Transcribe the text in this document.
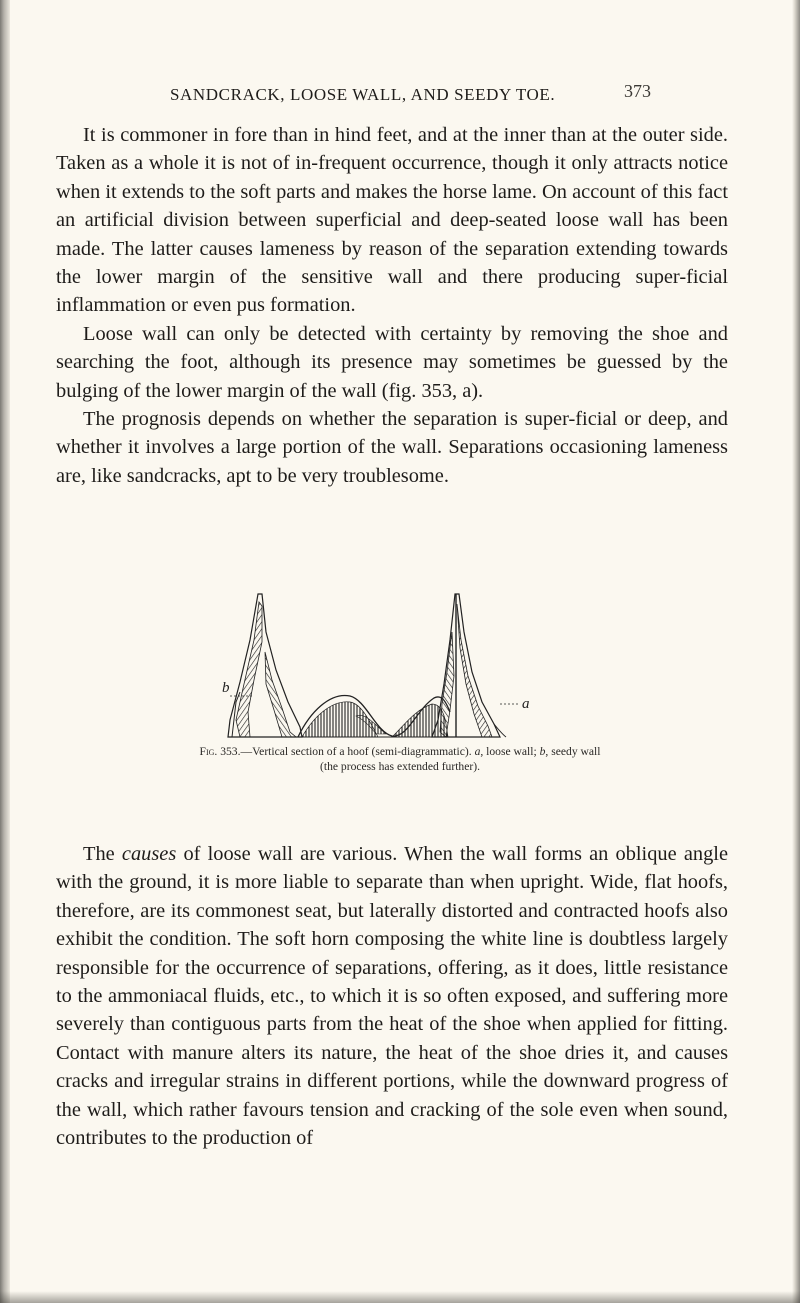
SANDCRACK, LOOSE WALL, AND SEEDY TOE.	373

It is commoner in fore than in hind feet, and at the inner than at the outer side. Taken as a whole it is not of in-frequent occurrence, though it only attracts notice when it extends to the soft parts and makes the horse lame. On account of this fact an artificial division between superficial and deep-seated loose wall has been made. The latter causes lameness by reason of the separation extending towards the lower margin of the sensitive wall and there producing super-ficial inflammation or even pus formation.

Loose wall can only be detected with certainty by removing the shoe and searching the foot, although its presence may sometimes be guessed by the bulging of the lower margin of the wall (fig. 353, a).

The prognosis depends on whether the separation is super-ficial or deep, and whether it involves a large portion of the wall. Separations occasioning lameness are, like sandcracks, apt to be very troublesome.

b
a
Fig. 353.—Vertical section of a hoof (semi-diagrammatic). a, loose wall; b, seedy wall
(the process has extended further).

The causes of loose wall are various. When the wall forms an oblique angle with the ground, it is more liable to separate than when upright. Wide, flat hoofs, therefore, are its commonest seat, but laterally distorted and contracted hoofs also exhibit the condition. The soft horn composing the white line is doubtless largely responsible for the occurrence of separations, offering, as it does, little resistance to the ammoniacal fluids, etc., to which it is so often exposed, and suffering more severely than contiguous parts from the heat of the shoe when applied for fitting. Contact with manure alters its nature, the heat of the shoe dries it, and causes cracks and irregular strains in different portions, while the downward progress of the wall, which rather favours tension and cracking of the sole even when sound, contributes to the production of
